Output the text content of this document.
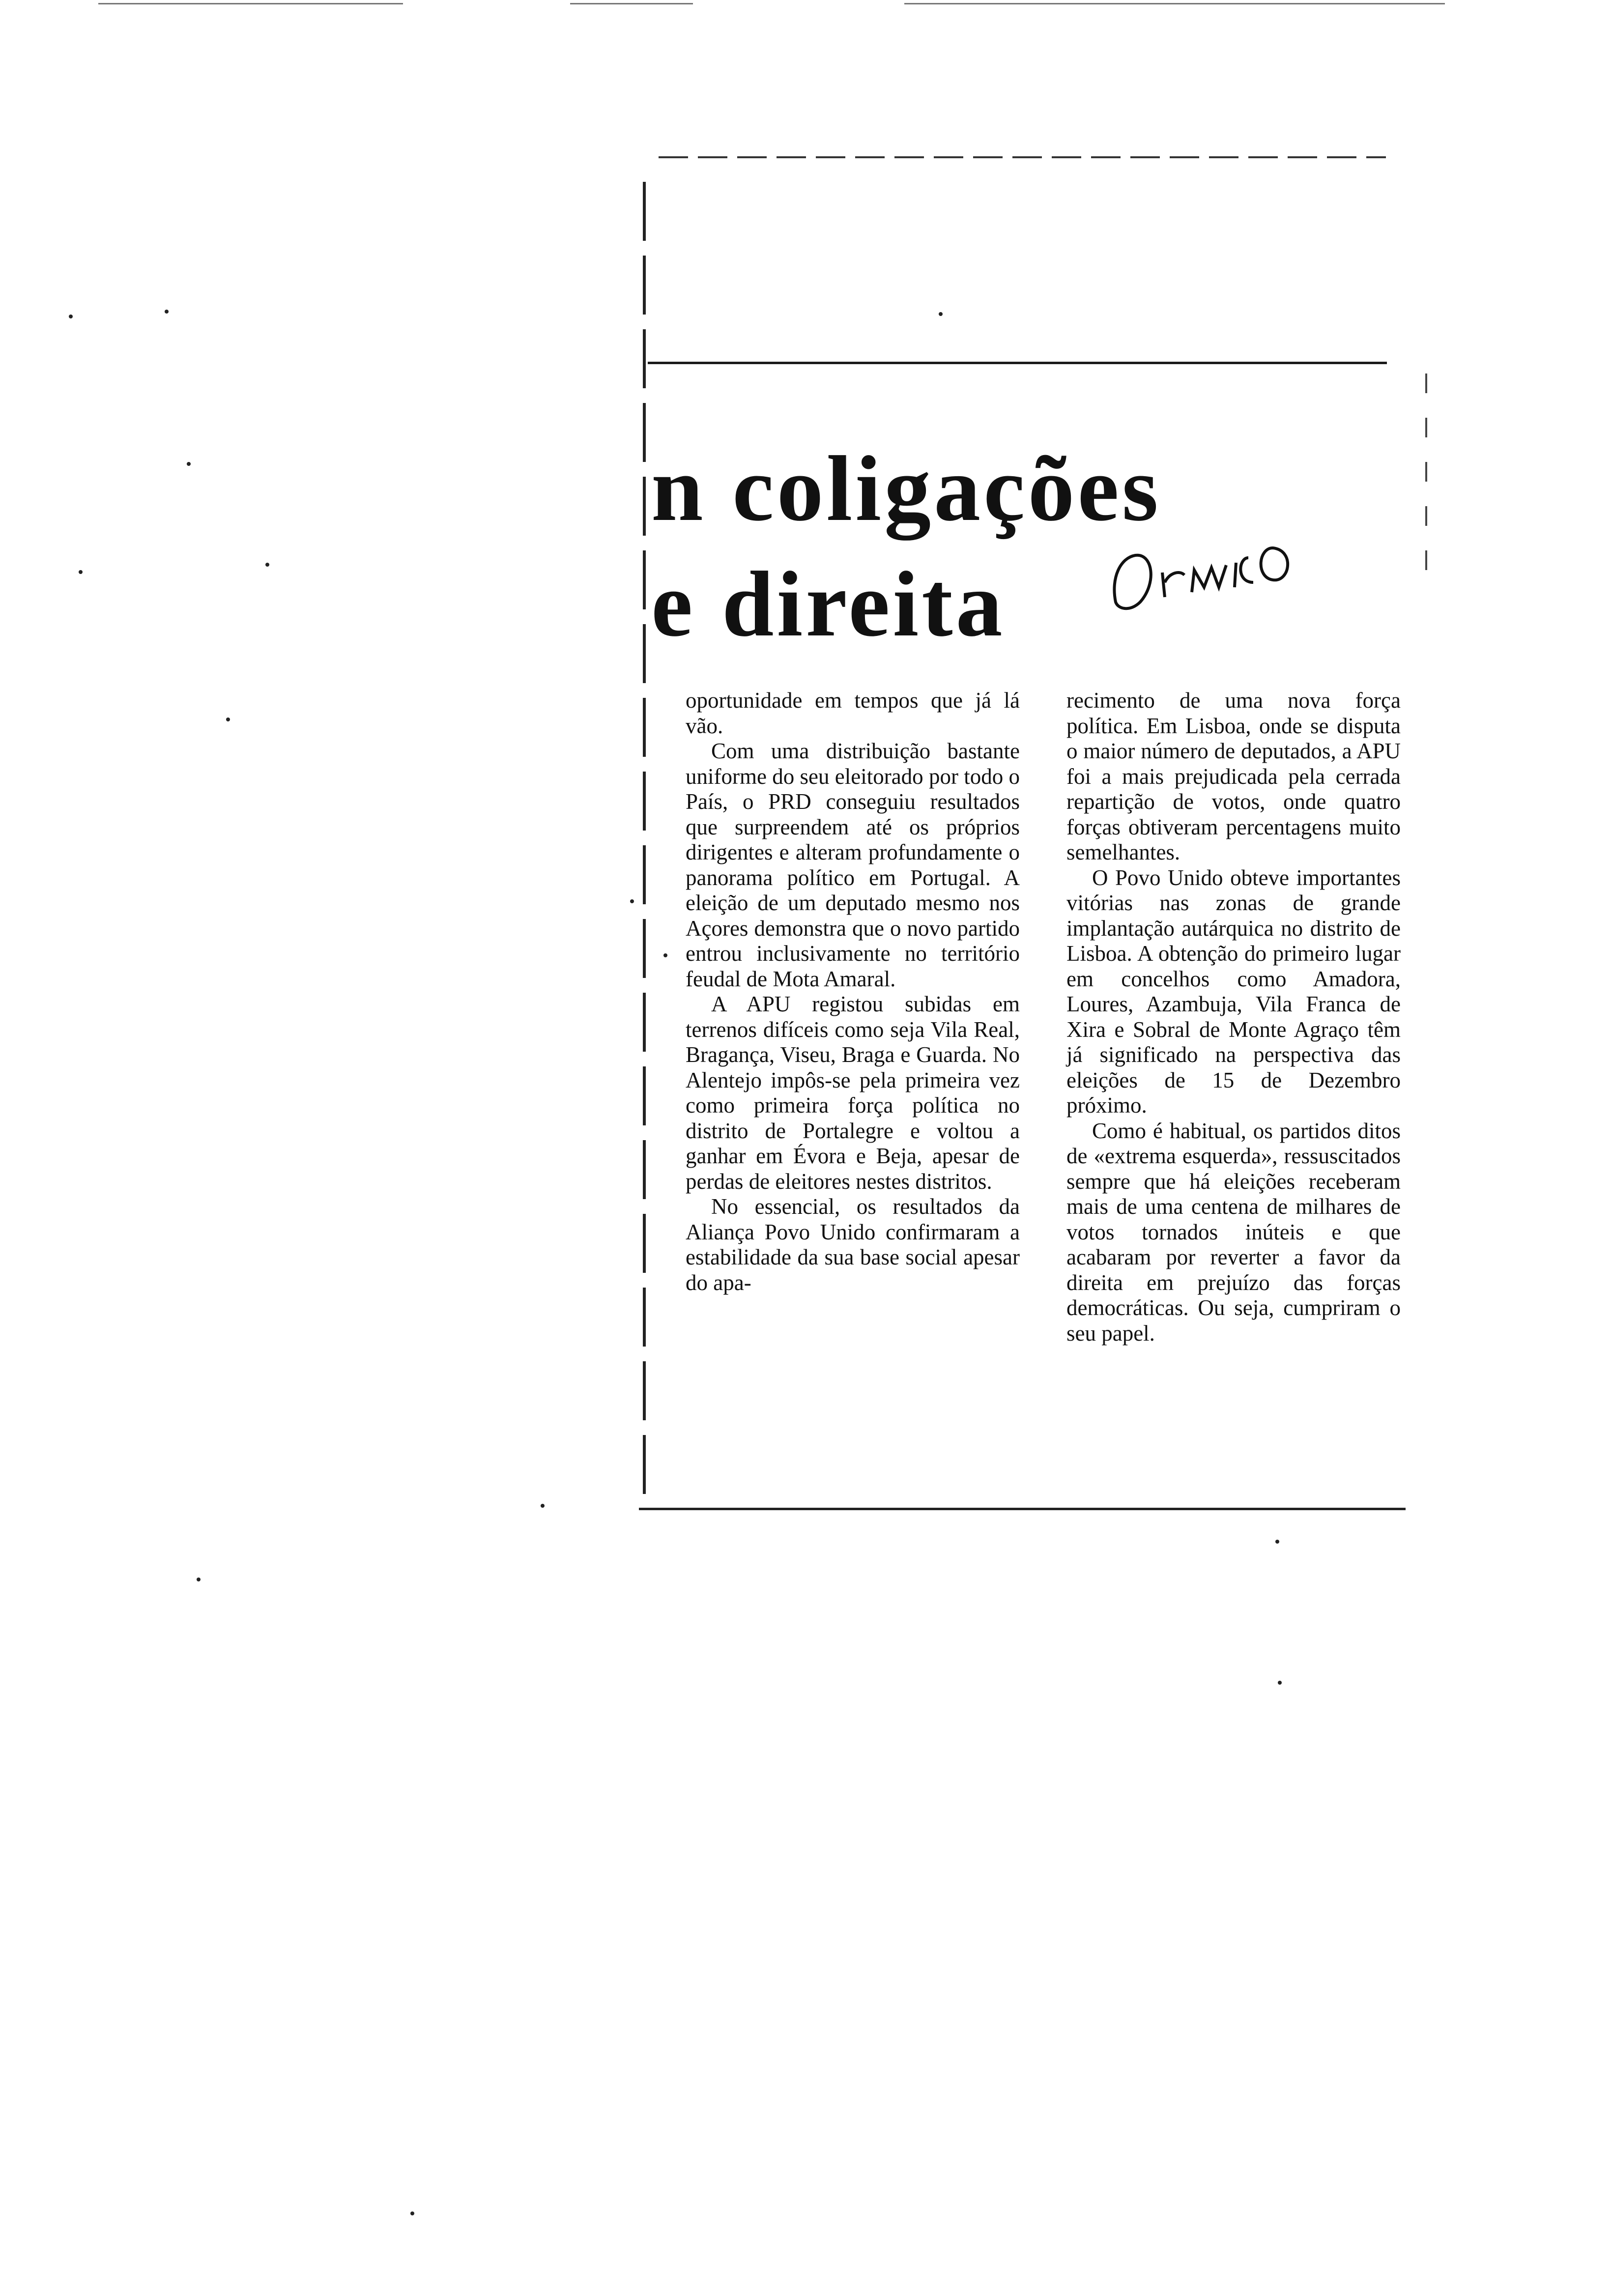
n coligações
e direita

oportunidade em tempos que já lá vão.

Com uma distribuição bastante uniforme do seu eleitorado por todo o País, o PRD conseguiu resultados que surpreendem até os próprios dirigentes e alteram profundamente o panorama político em Portugal. A eleição de um deputado mesmo nos Açores demonstra que o novo partido entrou inclusivamente no território feudal de Mota Amaral.

A APU registou subidas em terrenos difíceis como seja Vila Real, Bragança, Viseu, Braga e Guarda. No Alentejo impôs-se pela primeira vez como primeira força política no distrito de Portalegre e voltou a ganhar em Évora e Beja, apesar de perdas de eleitores nestes distritos.

No essencial, os resultados da Aliança Povo Unido confirmaram a estabilidade da sua base social apesar do apa-

recimento de uma nova força política. Em Lisboa, onde se disputa o maior número de deputados, a APU foi a mais prejudicada pela cerrada repartição de votos, onde quatro forças obtiveram percentagens muito semelhantes.

O Povo Unido obteve importantes vitórias nas zonas de grande implantação autárquica no distrito de Lisboa. A obtenção do primeiro lugar em concelhos como Amadora, Loures, Azambuja, Vila Franca de Xira e Sobral de Monte Agraço têm já significado na perspectiva das eleições de 15 de Dezembro próximo.

Como é habitual, os partidos ditos de «extrema esquerda», ressuscitados sempre que há eleições receberam mais de uma centena de milhares de votos tornados inúteis e que acabaram por reverter a favor da direita em prejuízo das forças democráticas. Ou seja, cumpriram o seu papel.
